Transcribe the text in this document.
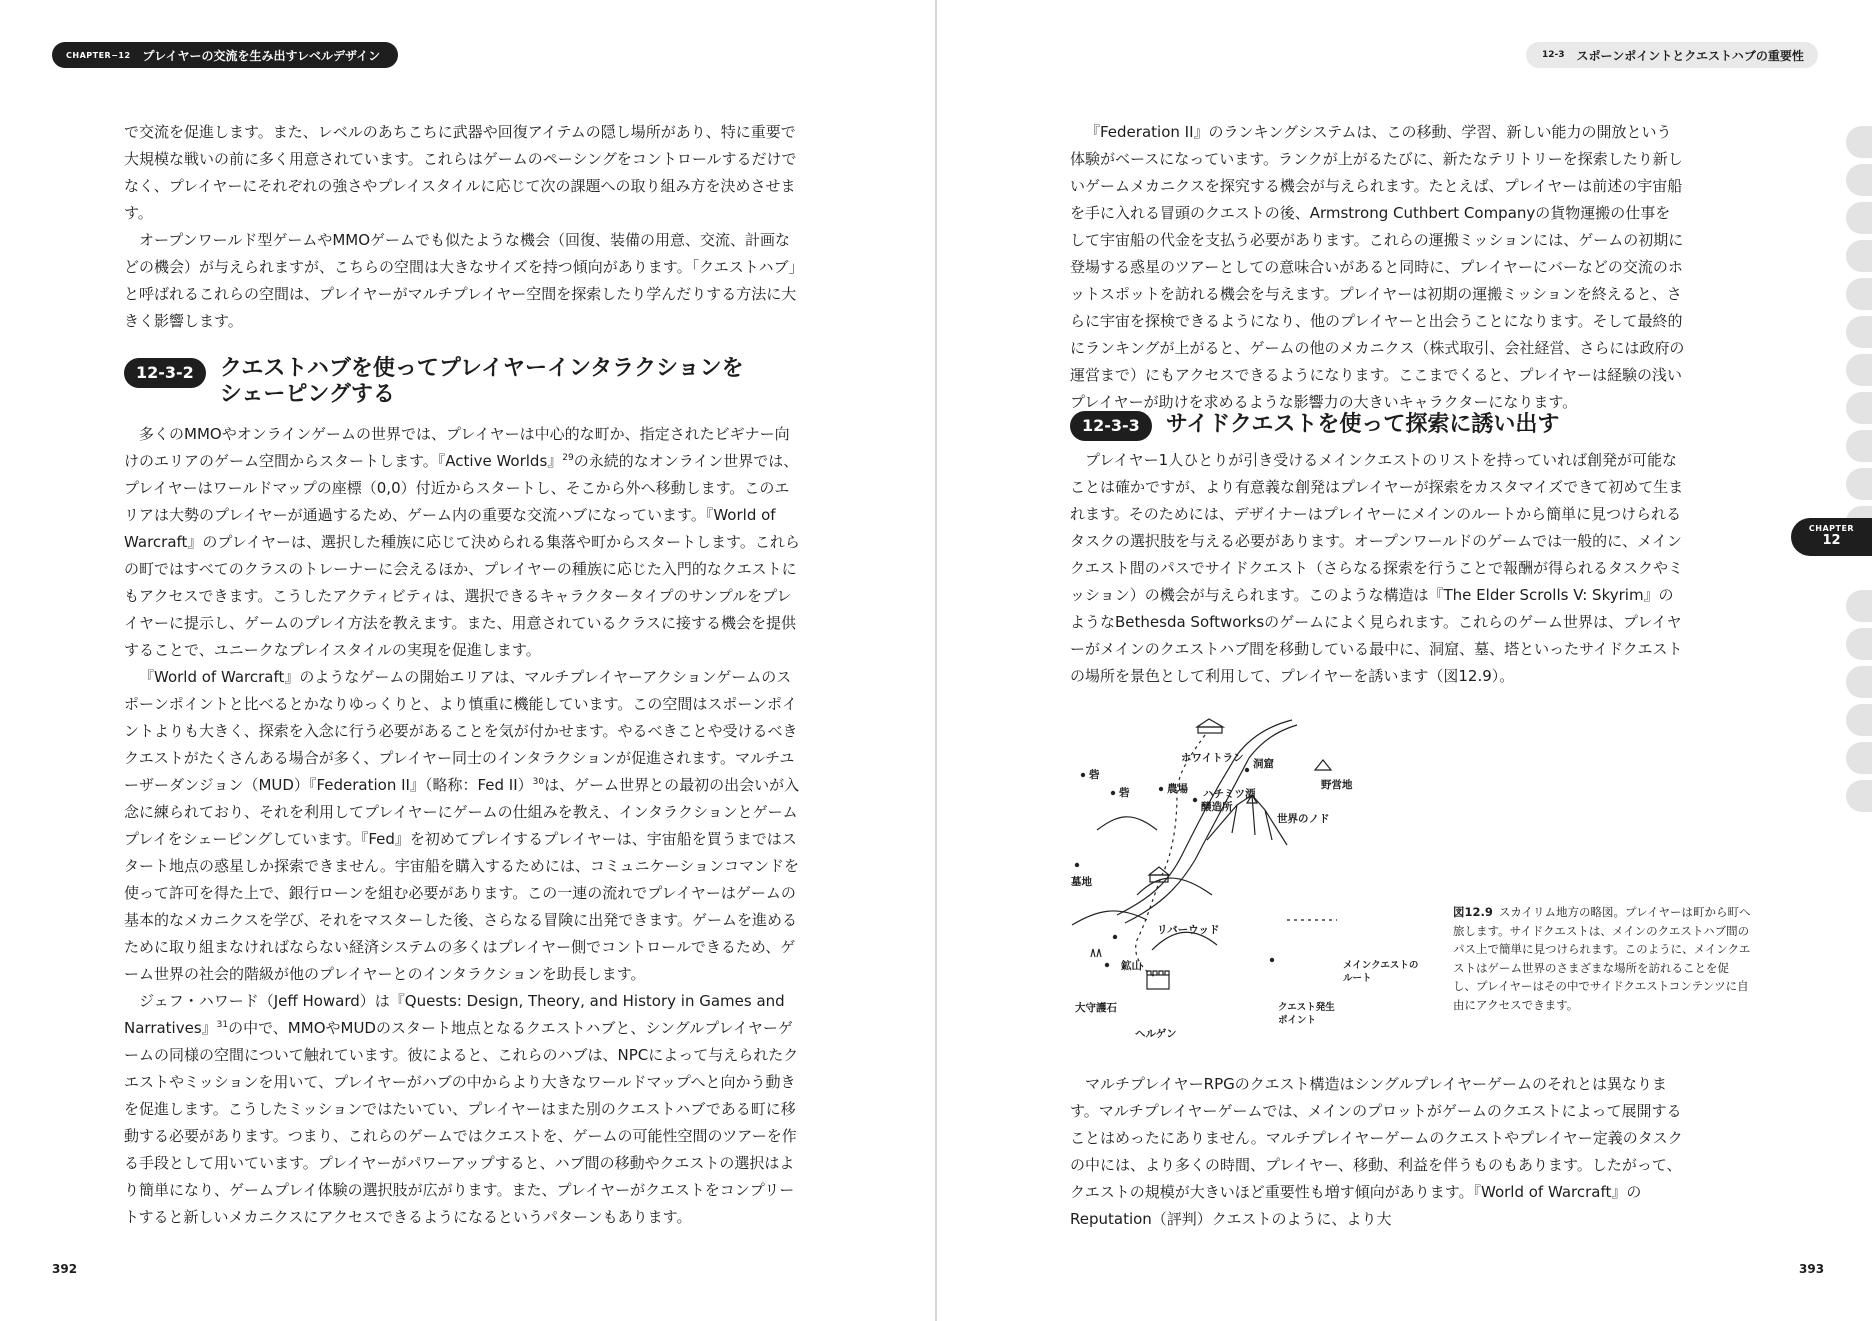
CHAPTER−12 プレイヤーの交流を生み出すレベルデザイン

で交流を促進します。また、レベルのあちこちに武器や回復アイテムの隠し場所があり、特に重要で大規模な戦いの前に多く用意されています。これらはゲームのペーシングをコントロールするだけでなく、プレイヤーにそれぞれの強さやプレイスタイルに応じて次の課題への取り組み方を決めさせます。

オープンワールド型ゲームやMMOゲームでも似たような機会（回復、装備の用意、交流、計画などの機会）が与えられますが、こちらの空間は大きなサイズを持つ傾向があります。「クエストハブ」と呼ばれるこれらの空間は、プレイヤーがマルチプレイヤー空間を探索したり学んだりする方法に大きく影響します。

12-3-2	クエストハブを使ってプレイヤーインタラクションを
シェーピングする

多くのMMOやオンラインゲームの世界では、プレイヤーは中心的な町か、指定されたビギナー向けのエリアのゲーム空間からスタートします。『Active Worlds』$^{29}$の永続的なオンライン世界では、プレイヤーはワールドマップの座標（0,0）付近からスタートし、そこから外へ移動します。このエリアは大勢のプレイヤーが通過するため、ゲーム内の重要な交流ハブになっています。『World of Warcraft』のプレイヤーは、選択した種族に応じて決められる集落や町からスタートします。これらの町ではすべてのクラスのトレーナーに会えるほか、プレイヤーの種族に応じた入門的なクエストにもアクセスできます。こうしたアクティビティは、選択できるキャラクタータイプのサンプルをプレイヤーに提示し、ゲームのプレイ方法を教えます。また、用意されているクラスに接する機会を提供することで、ユニークなプレイスタイルの実現を促進します。

『World of Warcraft』のようなゲームの開始エリアは、マルチプレイヤーアクションゲームのスポーンポイントと比べるとかなりゆっくりと、より慎重に機能しています。この空間はスポーンポイントよりも大きく、探索を入念に行う必要があることを気が付かせます。やるべきことや受けるべきクエストがたくさんある場合が多く、プレイヤー同士のインタラクションが促進されます。マルチユーザーダンジョン（MUD）『Federation II』（略称：Fed II）$^{30}$は、ゲーム世界との最初の出会いが入念に練られており、それを利用してプレイヤーにゲームの仕組みを教え、インタラクションとゲームプレイをシェーピングしています。『Fed』を初めてプレイするプレイヤーは、宇宙船を買うまではスタート地点の惑星しか探索できません。宇宙船を購入するためには、コミュニケーションコマンドを使って許可を得た上で、銀行ローンを組む必要があります。この一連の流れでプレイヤーはゲームの基本的なメカニクスを学び、それをマスターした後、さらなる冒険に出発できます。ゲームを進めるために取り組まなければならない経済システムの多くはプレイヤー側でコントロールできるため、ゲーム世界の社会的階級が他のプレイヤーとのインタラクションを助長します。

ジェフ・ハワード（Jeff Howard）は『Quests: Design, Theory, and History in Games and Narratives』$^{31}$の中で、MMOやMUDのスタート地点となるクエストハブと、シングルプレイヤーゲームの同様の空間について触れています。彼によると、これらのハブは、NPCによって与えられたクエストやミッションを用いて、プレイヤーがハブの中からより大きなワールドマップへと向かう動きを促進します。こうしたミッションではたいてい、プレイヤーはまた別のクエストハブである町に移動する必要があります。つまり、これらのゲームではクエストを、ゲームの可能性空間のツアーを作る手段として用いています。プレイヤーがパワーアップすると、ハブ間の移動やクエストの選択はより簡単になり、ゲームプレイ体験の選択肢が広がります。また、プレイヤーがクエストをコンプリートすると新しいメカニクスにアクセスできるようになるというパターンもあります。

392
12-3 スポーンポイントとクエストハブの重要性

『Federation II』のランキングシステムは、この移動、学習、新しい能力の開放という体験がベースになっています。ランクが上がるたびに、新たなテリトリーを探索したり新しいゲームメカニクスを探究する機会が与えられます。たとえば、プレイヤーは前述の宇宙船を手に入れる冒頭のクエストの後、Armstrong Cuthbert Companyの貨物運搬の仕事をして宇宙船の代金を支払う必要があります。これらの運搬ミッションには、ゲームの初期に登場する惑星のツアーとしての意味合いがあると同時に、プレイヤーにバーなどの交流のホットスポットを訪れる機会を与えます。プレイヤーは初期の運搬ミッションを終えると、さらに宇宙を探検できるようになり、他のプレイヤーと出会うことになります。そして最終的にランキングが上がると、ゲームの他のメカニクス（株式取引、会社経営、さらには政府の運営まで）にもアクセスできるようになります。ここまでくると、プレイヤーは経験の浅いプレイヤーが助けを求めるような影響力の大きいキャラクターになります。

12-3-3	サイドクエストを使って探索に誘い出す

プレイヤー1人ひとりが引き受けるメインクエストのリストを持っていれば創発が可能なことは確かですが、より有意義な創発はプレイヤーが探索をカスタマイズできて初めて生まれます。そのためには、デザイナーはプレイヤーにメインのルートから簡単に見つけられるタスクの選択肢を与える必要があります。オープンワールドのゲームでは一般的に、メインクエスト間のパスでサイドクエスト（さらなる探索を行うことで報酬が得られるタスクやミッション）の機会が与えられます。このような構造は『The Elder Scrolls V: Skyrim』のようなBethesda Softworksのゲームによく見られます。これらのゲーム世界は、プレイヤーがメインのクエストハブ間を移動している最中に、洞窟、墓、塔といったサイドクエストの場所を景色として利用して、プレイヤーを誘います（図12.9）。

ホワイトラン 洞窟
野営地
砦
砦	農場 ハチミツ酒
醸造所
世界のノド
墓地
リバーウッド
鉱山
大守護石
ヘルゲン
メインクエストの
ルート
クエスト発生
ポイント
図12.9 スカイリム地方の略図。プレイヤーは町から町へ旅します。サイドクエストは、メインのクエストハブ間のパス上で簡単に見つけられます。このように、メインクエストはゲーム世界のさまざまな場所を訪れることを促し、プレイヤーはその中でサイドクエストコンテンツに自由にアクセスできます。

マルチプレイヤーRPGのクエスト構造はシングルプレイヤーゲームのそれとは異なります。マルチプレイヤーゲームでは、メインのプロットがゲームのクエストによって展開することはめったにありません。マルチプレイヤーゲームのクエストやプレイヤー定義のタスクの中には、より多くの時間、プレイヤー、移動、利益を伴うものもあります。したがって、クエストの規模が大きいほど重要性も増す傾向があります。『World of Warcraft』のReputation（評判）クエストのように、より大

CHAPTER
12
393
